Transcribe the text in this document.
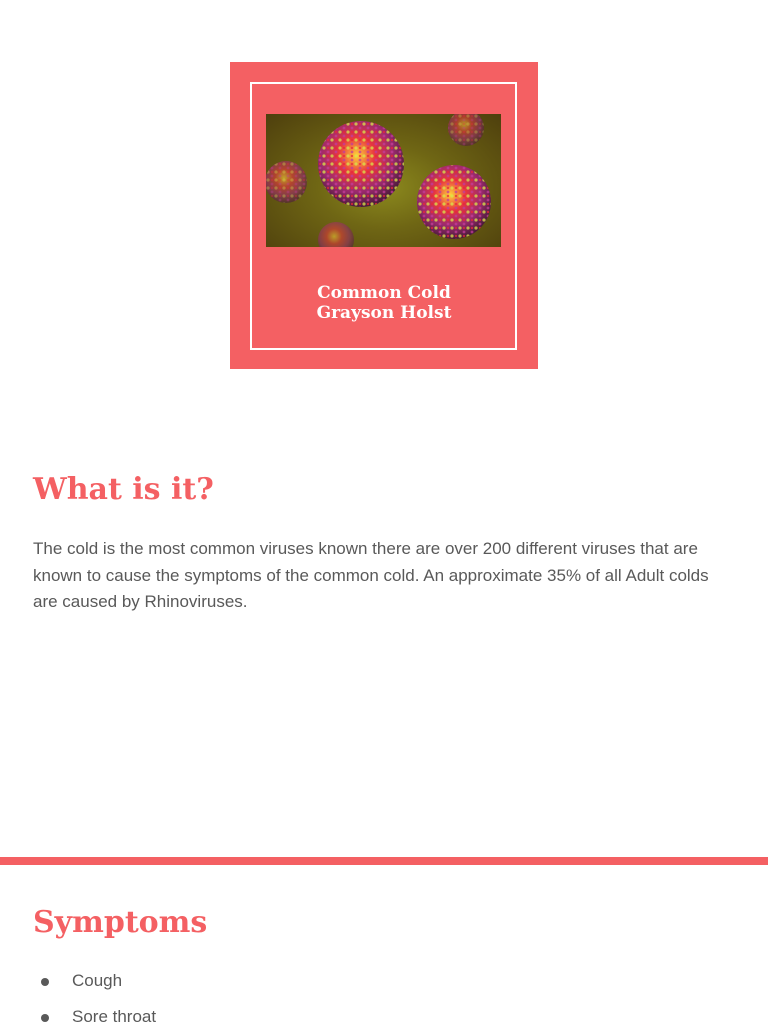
Common Cold
Grayson Holst
What is it?

The cold is the most common viruses known there are over 200 different viruses that are known to cause the symptoms of the common cold. An approximate 35% of all Adult colds are caused by Rhinoviruses.

Symptoms
Cough
Sore throat
